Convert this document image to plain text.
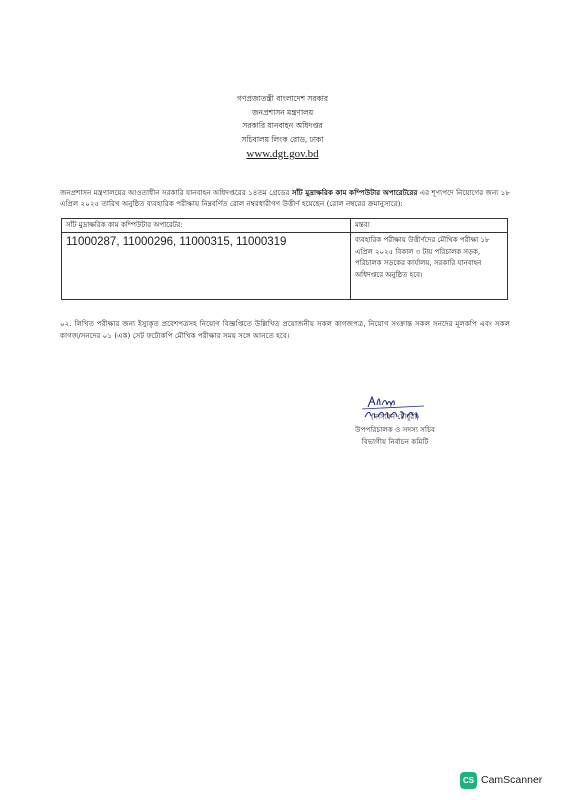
গণপ্রজাতন্ত্রী বাংলাদেশ সরকার
জনপ্রশাসন মন্ত্রণালয়
সরকারি যানবাহন অধিদপ্তর
সচিবালয় লিংক রোড, ঢাকা
www.dgt.gov.bd
জনপ্রশাসন মন্ত্রণালয়ের আওতাধীন সরকারি যানবাহন অধিদপ্তরের ১৪তম গ্রেডের সাঁট মুদ্রাক্ষরিক কাম কম্পিউটার অপারেটরের এর শূণ্যপদে নিয়োগের জন্য ১৮ এপ্রিল ২০২৫ তারিখ অনুষ্ঠিত ব্যবহারিক পরীক্ষায় নিম্নবর্ণিত রোল নম্বরধারীগণ উত্তীর্ণ হয়েছেন (রোল নম্বরের ক্রমানুসারে):
সাঁট মুদ্রাক্ষরিক কাম কম্পিউটার অপারেটর:	মন্তব্য
11000287, 11000296, 11000315, 11000319	ব্যবহারিক পরীক্ষায় উত্তীর্ণদের মৌখিক পরীক্ষা ১৮ এপ্রিল ২০২৫ বিকাল ৩ টায় পরিচালক সড়ক, পরিচালক সড়কের কার্যালয়, সরকারি যানবাহন অধিদপ্তরে অনুষ্ঠিত হবে।
০২. লিখিত পরীক্ষার জন্য ইস্যুকৃত প্রবেশপত্রসহ নিয়োগ বিজ্ঞপ্তিতে উল্লিখিত প্রয়োজনীয় সকল কাগজপত্র, নিয়োগ সংক্রান্ত সকল সনদের মূলকপি এবং সকল কাগজ/সনদের ০১ (এক) সেট ফটোকপি মৌখিক পরীক্ষার সময় সঙ্গে আনতে হবে।
(নাসরিন চৌধুরী)
উপপরিচালক ও সদস্য সচিব
বিভাগীয় নির্বাচন কমিটি
CS CamScanner
